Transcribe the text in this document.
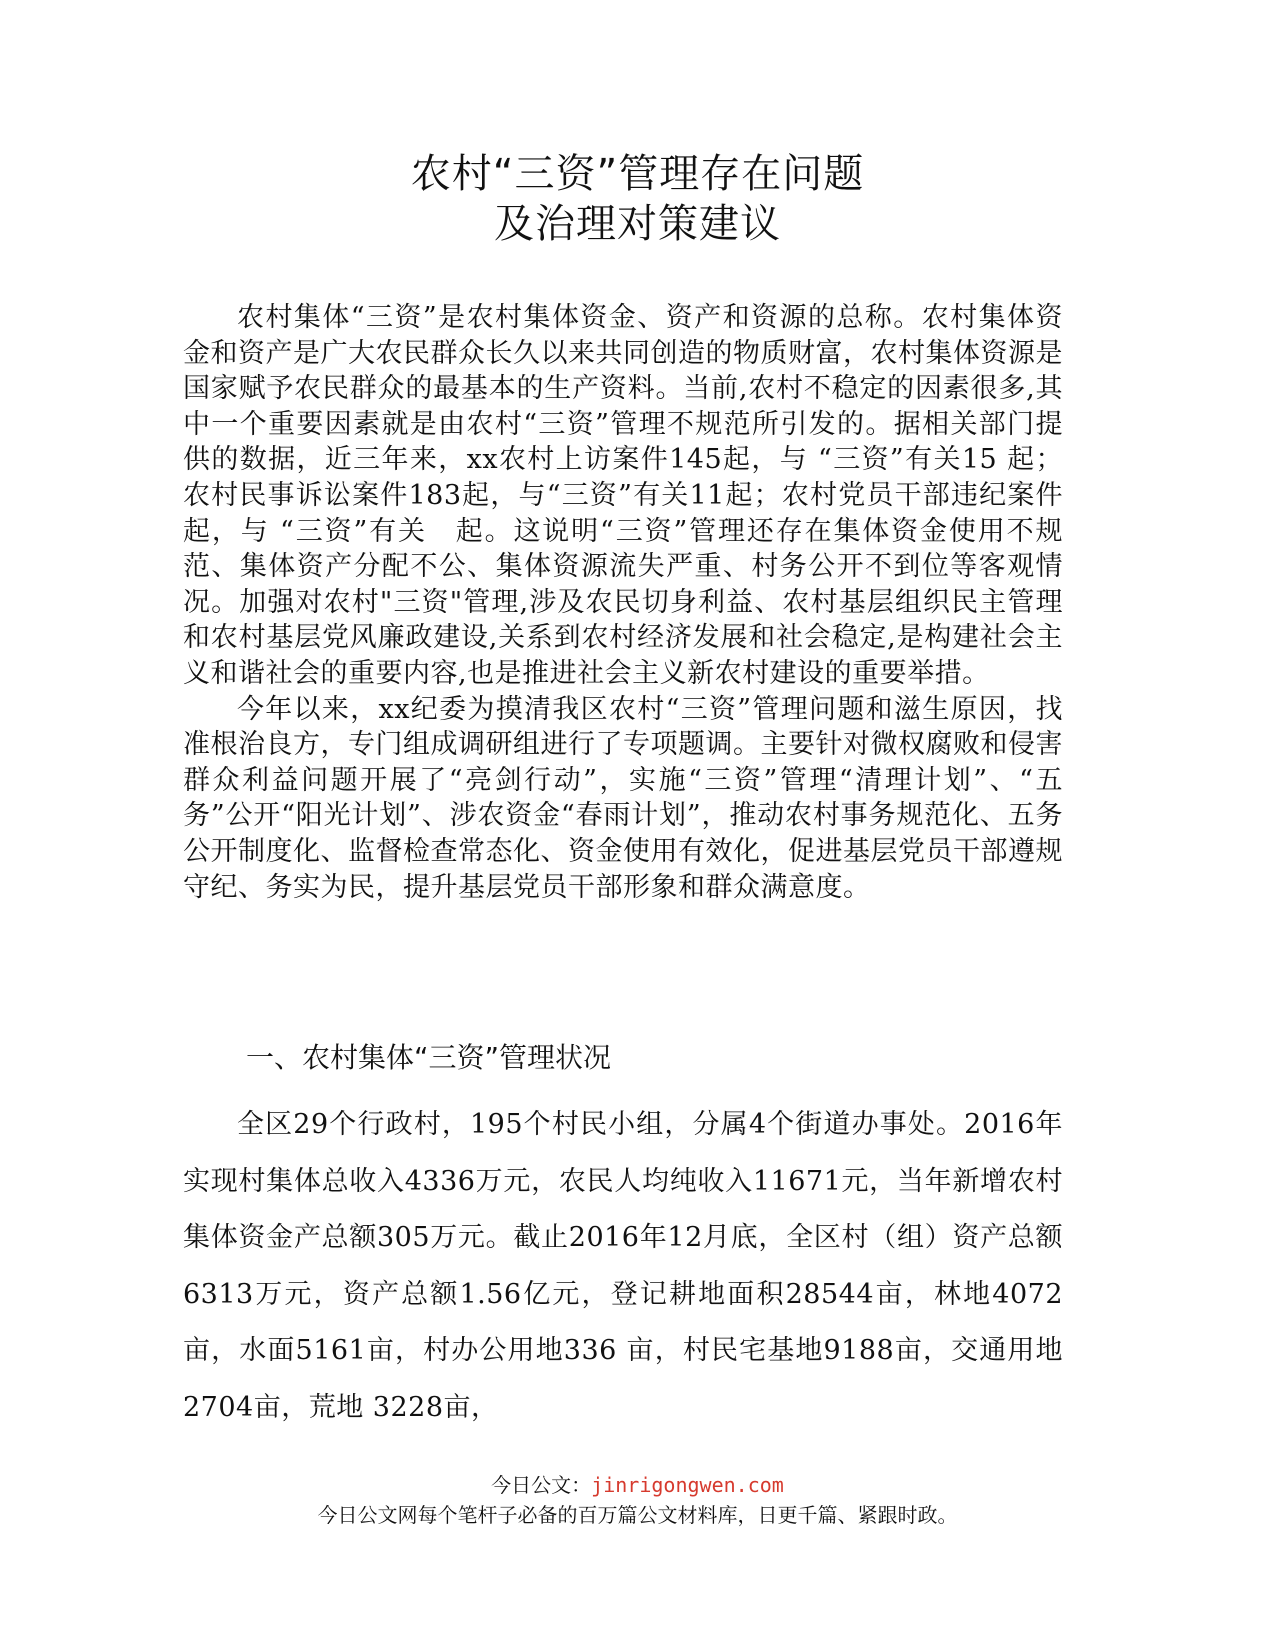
农村“三资”管理存在问题
及治理对策建议

农村集体“三资”是农村集体资金、资产和资源的总称。农村集体资金和资产是广大农民群众长久以来共同创造的物质财富，农村集体资源是国家赋予农民群众的最基本的生产资料。当前,农村不稳定的因素很多,其中一个重要因素就是由农村“三资”管理不规范所引发的。据相关部门提供的数据，近三年来，xx农村上访案件145起，与 “三资”有关15 起；农村民事诉讼案件183起，与“三资”有关11起；农村党员干部违纪案件　起，与 “三资”有关　起。这说明“三资”管理还存在集体资金使用不规范、集体资产分配不公、集体资源流失严重、村务公开不到位等客观情况。加强对农村"三资"管理,涉及农民切身利益、农村基层组织民主管理和农村基层党风廉政建设,关系到农村经济发展和社会稳定,是构建社会主义和谐社会的重要内容,也是推进社会主义新农村建设的重要举措。

今年以来，xx纪委为摸清我区农村“三资”管理问题和滋生原因，找准根治良方，专门组成调研组进行了专项题调。主要针对微权腐败和侵害群众利益问题开展了“亮剑行动”，实施“三资”管理“清理计划”、“五务”公开“阳光计划”、涉农资金“春雨计划”，推动农村事务规范化、五务公开制度化、监督检查常态化、资金使用有效化，促进基层党员干部遵规守纪、务实为民，提升基层党员干部形象和群众满意度。

一、农村集体“三资”管理状况

全区29个行政村，195个村民小组，分属4个街道办事处。2016年实现村集体总收入4336万元，农民人均纯收入11671元，当年新增农村集体资金产总额305万元。截止2016年12月底，全区村（组）资产总额 6313万元，资产总额1.56亿元，登记耕地面积28544亩，林地4072 亩，水面5161亩，村办公用地336 亩，村民宅基地9188亩，交通用地2704亩，荒地 3228亩，

今日公文：jinrigongwen.com
今日公文网每个笔杆子必备的百万篇公文材料库，日更千篇、紧跟时政。
